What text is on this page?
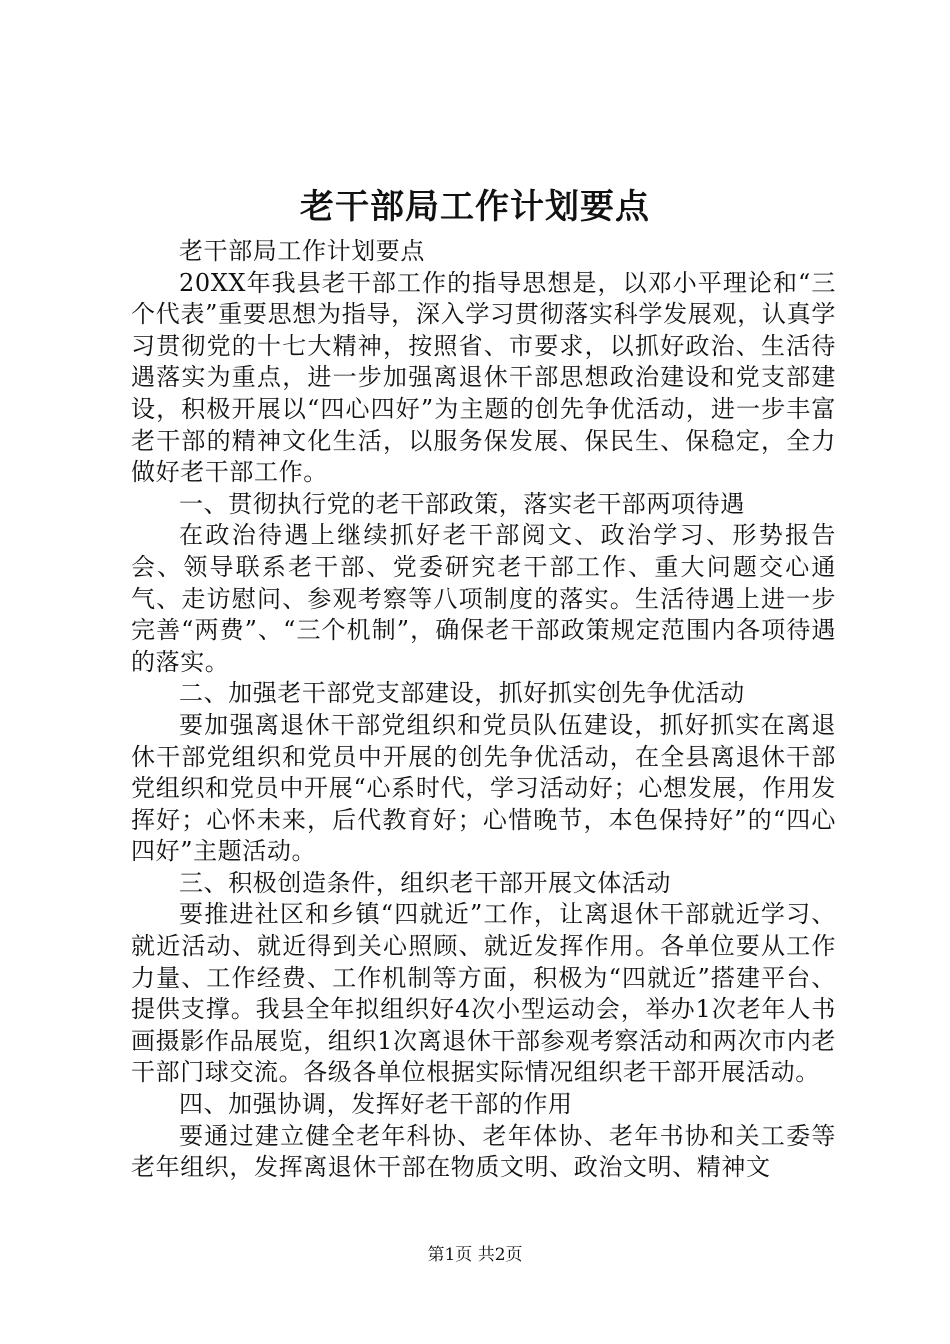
老干部局工作计划要点

老干部局工作计划要点

20XX年我县老干部工作的指导思想是，以邓小平理论和“三个代表”重要思想为指导，深入学习贯彻落实科学发展观，认真学习贯彻党的十七大精神，按照省、市要求，以抓好政治、生活待遇落实为重点，进一步加强离退休干部思想政治建设和党支部建设，积极开展以“四心四好”为主题的创先争优活动，进一步丰富老干部的精神文化生活，以服务保发展、保民生、保稳定，全力做好老干部工作。

一、贯彻执行党的老干部政策，落实老干部两项待遇

在政治待遇上继续抓好老干部阅文、政治学习、形势报告会、领导联系老干部、党委研究老干部工作、重大问题交心通气、走访慰问、参观考察等八项制度的落实。生活待遇上进一步完善“两费”、“三个机制”，确保老干部政策规定范围内各项待遇的落实。

二、加强老干部党支部建设，抓好抓实创先争优活动

要加强离退休干部党组织和党员队伍建设，抓好抓实在离退休干部党组织和党员中开展的创先争优活动，在全县离退休干部党组织和党员中开展“心系时代，学习活动好；心想发展，作用发挥好；心怀未来，后代教育好；心惜晚节，本色保持好”的“四心四好”主题活动。

三、积极创造条件，组织老干部开展文体活动

要推进社区和乡镇“四就近”工作，让离退休干部就近学习、就近活动、就近得到关心照顾、就近发挥作用。各单位要从工作力量、工作经费、工作机制等方面，积极为“四就近”搭建平台、提供支撑。我县全年拟组织好4次小型运动会，举办1次老年人书画摄影作品展览，组织1次离退休干部参观考察活动和两次市内老干部门球交流。各级各单位根据实际情况组织老干部开展活动。

四、加强协调，发挥好老干部的作用

要通过建立健全老年科协、老年体协、老年书协和关工委等老年组织，发挥离退休干部在物质文明、政治文明、精神文

第1页 共2页
